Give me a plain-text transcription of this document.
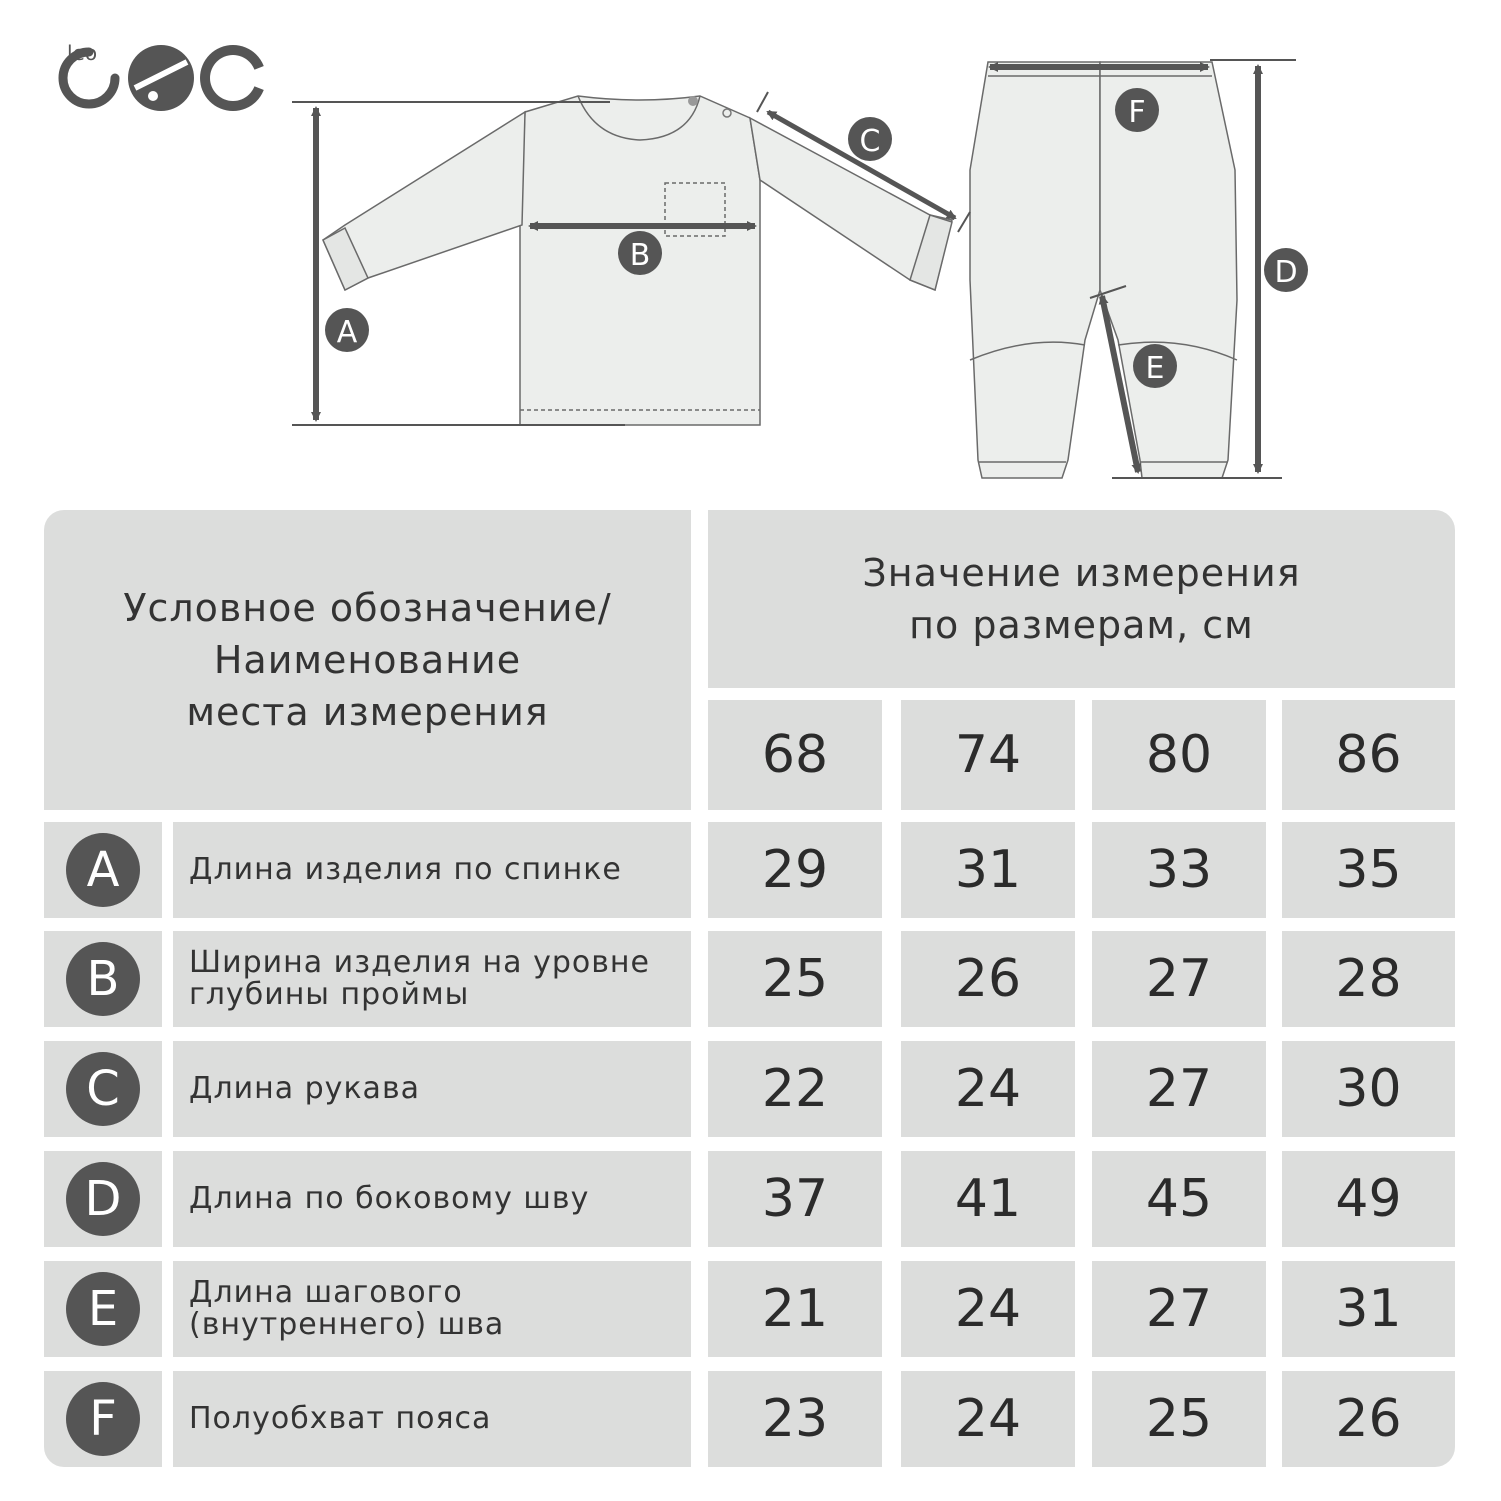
leo
A
B
C
D
E
F
Условное обозначение/
Наименование
места измерения
Значение измерения
по размерам, см
68	74	80	86
A	Длина изделия по спинке	29	31	33	35
B	Ширина изделия на уровне
глубины проймы	25	26	27	28
C	Длина рукава	22	24	27	30
D	Длина по боковому шву	37	41	45	49
E	Длина шагового
(внутреннего) шва	21	24	27	31
F	Полуобхват пояса	23	24	25	26
